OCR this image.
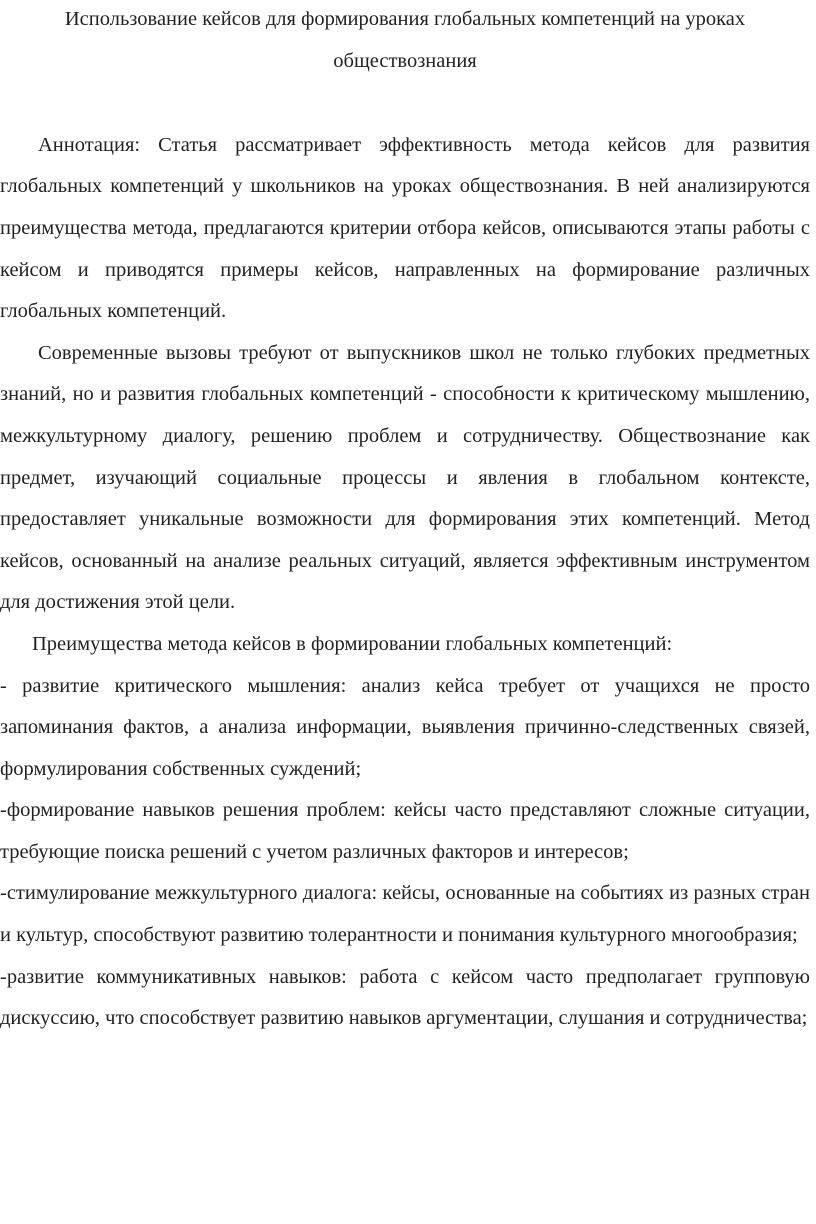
Использование кейсов для формирования глобальных компетенций на уроках обществознания

Аннотация: Статья рассматривает эффективность метода кейсов для развития глобальных компетенций у школьников на уроках обществознания. В ней анализируются преимущества метода, предлагаются критерии отбора кейсов, описываются этапы работы с кейсом и приводятся примеры кейсов, направленных на формирование различных глобальных компетенций.

Современные вызовы требуют от выпускников школ не только глубоких предметных знаний, но и развития глобальных компетенций - способности к критическому мышлению, межкультурному диалогу, решению проблем и сотрудничеству. Обществознание как предмет, изучающий социальные процессы и явления в глобальном контексте, предоставляет уникальные возможности для формирования этих компетенций. Метод кейсов, основанный на анализе реальных ситуаций, является эффективным инструментом для достижения этой цели.

Преимущества метода кейсов в формировании глобальных компетенций:

- развитие критического мышления: анализ кейса требует от учащихся не просто запоминания фактов, а анализа информации, выявления причинно-следственных связей, формулирования собственных суждений;

-формирование навыков решения проблем: кейсы часто представляют сложные ситуации, требующие поиска решений с учетом различных факторов и интересов;

-стимулирование межкультурного диалога: кейсы, основанные на событиях из разных стран и культур, способствуют развитию толерантности и понимания культурного многообразия;

-развитие коммуникативных навыков: работа с кейсом часто предполагает групповую дискуссию, что способствует развитию навыков аргументации, слушания и сотрудничества;
